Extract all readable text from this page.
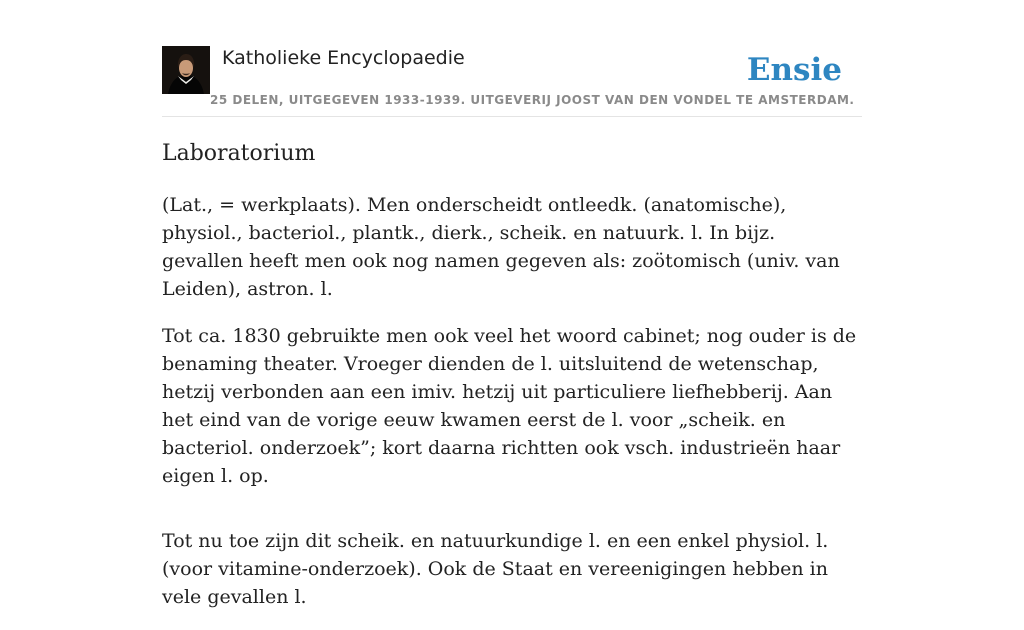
Katholieke Encyclopaedie
25 DELEN, UITGEGEVEN 1933-1939. UITGEVERIJ JOOST VAN DEN VONDEL TE AMSTERDAM.
Ensie
Laboratorium

(Lat., = werkplaats). Men onderscheidt ontleedk. (anatomische), physiol., bacteriol., plantk., dierk., scheik. en natuurk. l. In bijz. gevallen heeft men ook nog namen gegeven als: zoötomisch (univ. van Leiden), astron. l.

Tot ca. 1830 gebruikte men ook veel het woord cabinet; nog ouder is de benaming theater. Vroeger dienden de l. uitsluitend de wetenschap, hetzij verbonden aan een imiv. hetzij uit particuliere liefhebberij. Aan het eind van de vorige eeuw kwamen eerst de l. voor „scheik. en bacteriol. onderzoek”; kort daarna richtten ook vsch. industrieën haar eigen l. op.

Tot nu toe zijn dit scheik. en natuurkundige l. en een enkel physiol. l. (voor vitamine-onderzoek). Ook de Staat en vereenigingen hebben in vele gevallen l.
